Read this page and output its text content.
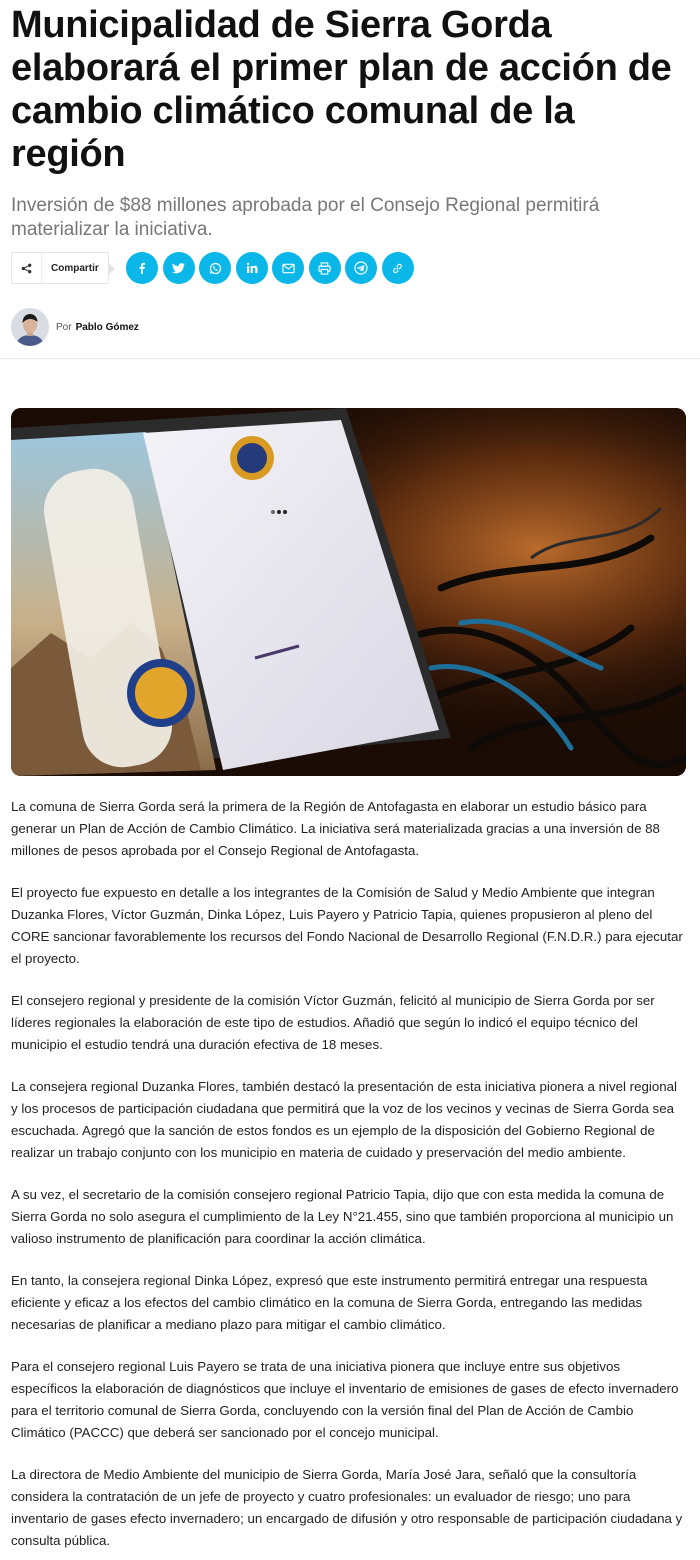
Municipalidad de Sierra Gorda elaborará el primer plan de acción de cambio climático comunal de la región

Inversión de $88 millones aprobada por el Consejo Regional permitirá materializar la iniciativa.

Compartir
Por Pablo Gómez

La comuna de Sierra Gorda será la primera de la Región de Antofagasta en elaborar un estudio básico para generar un Plan de Acción de Cambio Climático. La iniciativa será materializada gracias a una inversión de 88 millones de pesos aprobada por el Consejo Regional de Antofagasta.

El proyecto fue expuesto en detalle a los integrantes de la Comisión de Salud y Medio Ambiente que integran Duzanka Flores, Víctor Guzmán, Dinka López, Luis Payero y Patricio Tapia, quienes propusieron al pleno del CORE sancionar favorablemente los recursos del Fondo Nacional de Desarrollo Regional (F.N.D.R.) para ejecutar el proyecto.

El consejero regional y presidente de la comisión Víctor Guzmán, felicitó al municipio de Sierra Gorda por ser líderes regionales la elaboración de este tipo de estudios. Añadió que según lo indicó el equipo técnico del municipio el estudio tendrá una duración efectiva de 18 meses.

La consejera regional Duzanka Flores, también destacó la presentación de esta iniciativa pionera a nivel regional y los procesos de participación ciudadana que permitirá que la voz de los vecinos y vecinas de Sierra Gorda sea escuchada. Agregó que la sanción de estos fondos es un ejemplo de la disposición del Gobierno Regional de realizar un trabajo conjunto con los municipio en materia de cuidado y preservación del medio ambiente.

A su vez, el secretario de la comisión consejero regional Patricio Tapia, dijo que con esta medida la comuna de Sierra Gorda no solo asegura el cumplimiento de la Ley N°21.455, sino que también proporciona al municipio un valioso instrumento de planificación para coordinar la acción climática.

En tanto, la consejera regional Dinka López, expresó que este instrumento permitirá entregar una respuesta eficiente y eficaz a los efectos del cambio climático en la comuna de Sierra Gorda, entregando las medidas necesarias de planificar a mediano plazo para mitigar el cambio climático.

Para el consejero regional Luis Payero se trata de una iniciativa pionera que incluye entre sus objetivos específicos la elaboración de diagnósticos que incluye el inventario de emisiones de gases de efecto invernadero para el territorio comunal de Sierra Gorda, concluyendo con la versión final del Plan de Acción de Cambio Climático (PACCC) que deberá ser sancionado por el concejo municipal.

La directora de Medio Ambiente del municipio de Sierra Gorda, María José Jara, señaló que la consultoría considera la contratación de un jefe de proyecto y cuatro profesionales: un evaluador de riesgo; uno para inventario de gases efecto invernadero; un encargado de difusión y otro responsable de participación ciudadana y consulta pública.
